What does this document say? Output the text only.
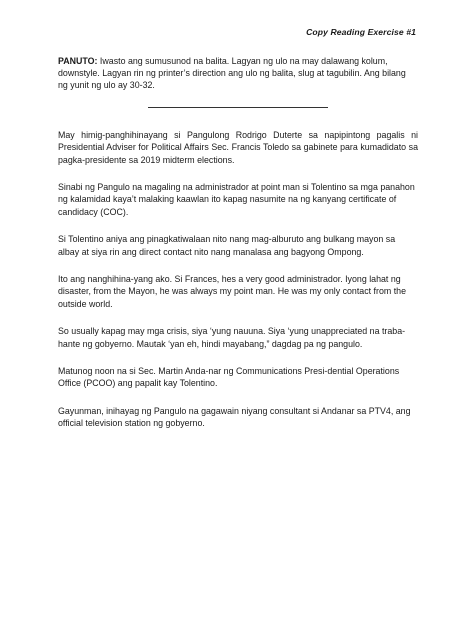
Copy Reading Exercise #1

PANUTO: Iwasto ang sumusunod na balita. Lagyan ng ulo na may dalawang kolum, downstyle. Lagyan rin ng printer’s direction ang ulo ng balita, slug at tagubilin. Ang bilang ng yunit ng ulo ay 30-32.

May himig-panghihinayang si Pangulong Rodrigo Duterte sa napipintong pagalis ni Presidential Adviser for Political Affairs Sec. Francis Toledo sa gabinete para kumadidato sa pagka-presidente sa 2019 midterm elections.

Sinabi ng Pangulo na magaling na administrador at point man si Tolentino sa mga panahon ng kalamidad kaya’t malaking kaawlan ito kapag nasumite na ng kanyang certificate of candidacy (COC).

Si Tolentino aniya ang pinagkatiwalaan nito nang mag-alburuto ang bulkang mayon sa albay at siya rin ang direct contact nito nang manalasa ang bagyong Ompong.

Ito ang nanghihina-yang ako. Si Frances, hes a very good administrador. Iyong lahat ng disaster, from the Mayon, he was always my point man. He was my only contact from the outside world.

So usually kapag may mga crisis, siya ‘yung nauuna. Siya ‘yung unappreciated na traba-hante ng gobyerno. Mautak ‘yan eh, hindi mayabang,” dagdag pa ng pangulo.

Matunog noon na si Sec. Martin Anda-nar ng Communications Presi-dential Operations Office (PCOO) ang papalit kay Tolentino.

Gayunman, inihayag ng Pangulo na gagawain niyang consultant si Andanar sa PTV4, ang official television station ng gobyerno.
